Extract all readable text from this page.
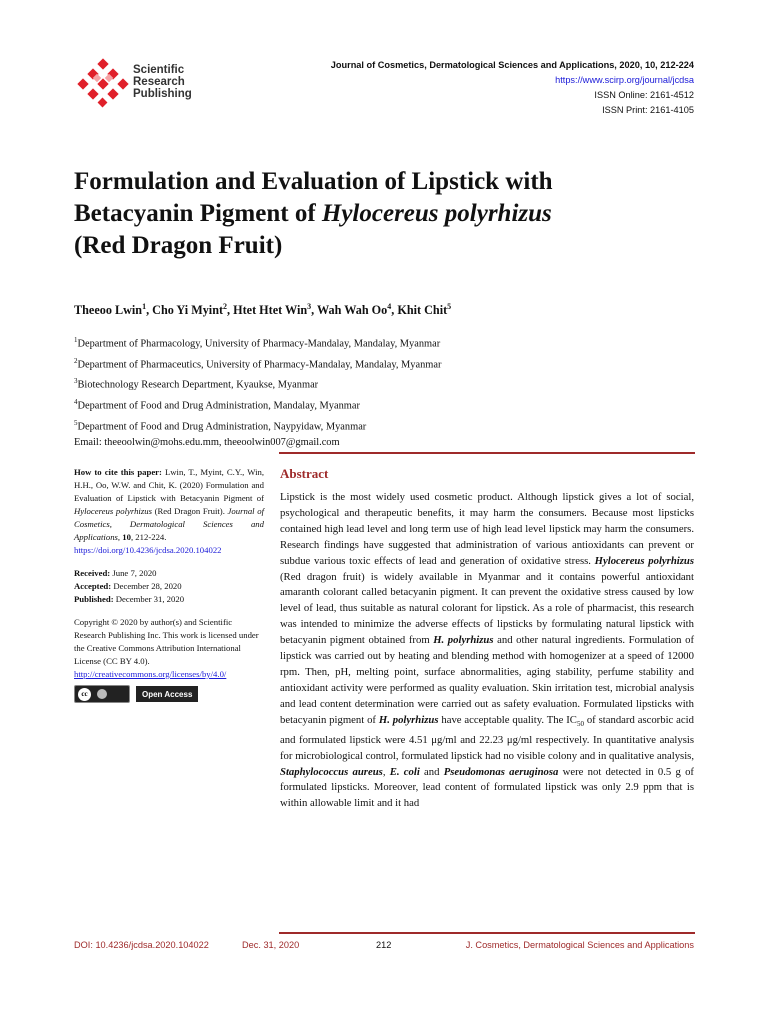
Scientific
Research
Publishing
Journal of Cosmetics, Dermatological Sciences and Applications, 2020, 10, 212-224
https://www.scirp.org/journal/jcdsa
ISSN Online: 2161-4512
ISSN Print: 2161-4105
Formulation and Evaluation of Lipstick with
Betacyanin Pigment of Hylocereus polyrhizus
(Red Dragon Fruit)
Theeoo Lwin$^1$, Cho Yi Myint$^2$, Htet Htet Win$^3$, Wah Wah Oo$^4$, Khit Chit$^5$
$^1$Department of Pharmacology, University of Pharmacy-Mandalay, Mandalay, Myanmar
$^2$Department of Pharmaceutics, University of Pharmacy-Mandalay, Mandalay, Myanmar
$^3$Biotechnology Research Department, Kyaukse, Myanmar
$^4$Department of Food and Drug Administration, Mandalay, Myanmar
$^5$Department of Food and Drug Administration, Naypyidaw, Myanmar
Email: theeoolwin@mohs.edu.mm, theeoolwin007@gmail.com

How to cite this paper: Lwin, T., Myint, C.Y., Win, H.H., Oo, W.W. and Chit, K. (2020) Formulation and Evaluation of Lipstick with Betacyanin Pigment of Hylocereus polyrhizus (Red Dragon Fruit). Journal of Cosmetics, Dermatological Sciences and Applications, 10, 212-224.

https://doi.org/10.4236/jcdsa.2020.104022

Received: June 7, 2020

Accepted: December 28, 2020

Published: December 31, 2020

Copyright © 2020 by author(s) and Scientific Research Publishing Inc. This work is licensed under the Creative Commons Attribution International License (CC BY 4.0).

http://creativecommons.org/licenses/by/4.0/

cc	Open Access
Abstract
Lipstick is the most widely used cosmetic product. Although lipstick gives a lot of social, psychological and therapeutic benefits, it may harm the consumers. Because most lipsticks contained high lead level and long term use of high lead level lipstick may harm the consumers. Research findings have suggested that administration of various antioxidants can prevent or subdue various toxic effects of lead and generation of oxidative stress. Hylocereus polyrhizus (Red dragon fruit) is widely available in Myanmar and it contains powerful antioxidant amaranth colorant called betacyanin pigment. It can prevent the oxidative stress caused by low level of lead, thus suitable as natural colorant for lipstick. As a role of pharmacist, this research was intended to minimize the adverse effects of lipsticks by formulating natural lipstick with betacyanin pigment obtained from H. polyrhizus and other natural ingredients. Formulation of lipstick was carried out by heating and blending method with homogenizer at a speed of 12000 rpm. Then, pH, melting point, surface abnormalities, aging stability, perfume stability and antioxidant activity were performed as quality evaluation. Skin irritation test, microbial analysis and lead content determination were carried out as safety evaluation. Formulated lipsticks with betacyanin pigment of H. polyrhizus have acceptable quality. The $IC_{50}$ of standard ascorbic acid and formulated lipstick were 4.51 μg/ml and 22.23 μg/ml respectively. In quantitative analysis for microbiological control, formulated lipstick had no visible colony and in qualitative analysis, Staphylococcus aureus, E. coli and Pseudomonas aeruginosa were not detected in 0.5 g of formulated lipsticks. Moreover, lead content of formulated lipstick was only 2.9 ppm that is within allowable limit and it had
DOI: 10.4236/jcdsa.2020.104022	Dec. 31, 2020	212	J. Cosmetics, Dermatological Sciences and Applications
